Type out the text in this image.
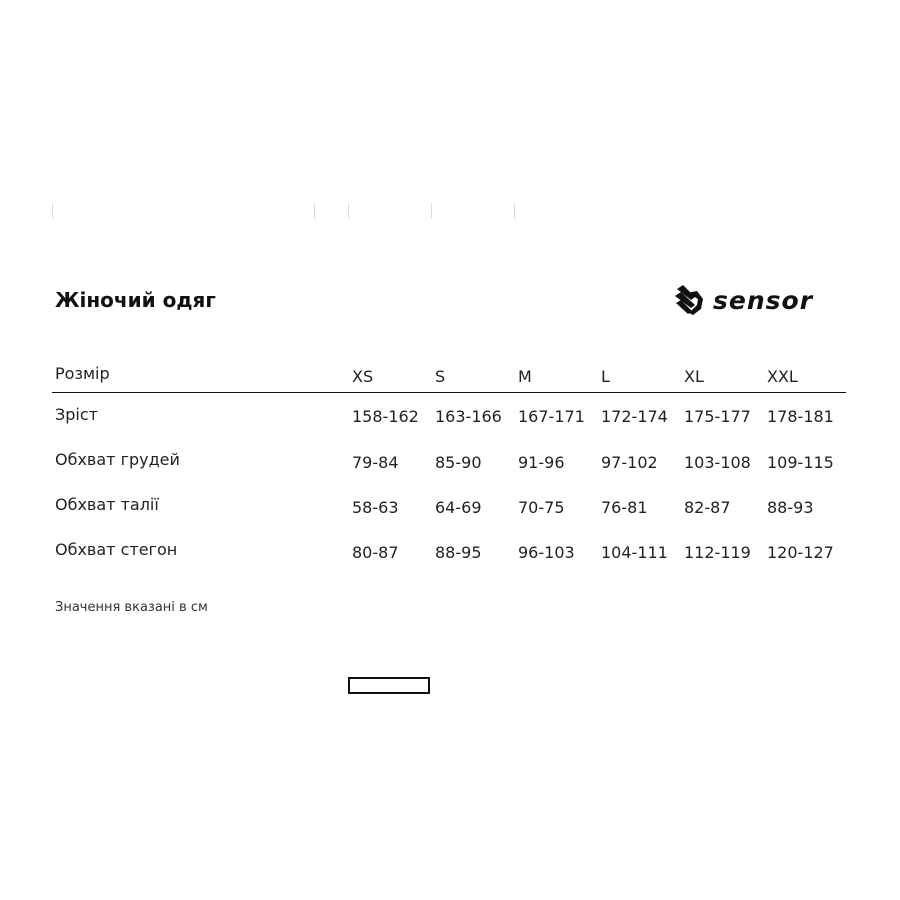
Жіночий одяг	sensor
Розмір	XS	S	M	L	XL	XXL
Зріст	158-162 163-166 167-171 172-174 175-177 178-181
Обхват грудей	79-84 85-90 91-96 97-102 103-108 109-115
Обхват талії	58-63 64-69 70-75 76-81 82-87 88-93
Обхват стегон	80-87 88-95 96-103 104-111 112-119 120-127
Значення вказані в см
